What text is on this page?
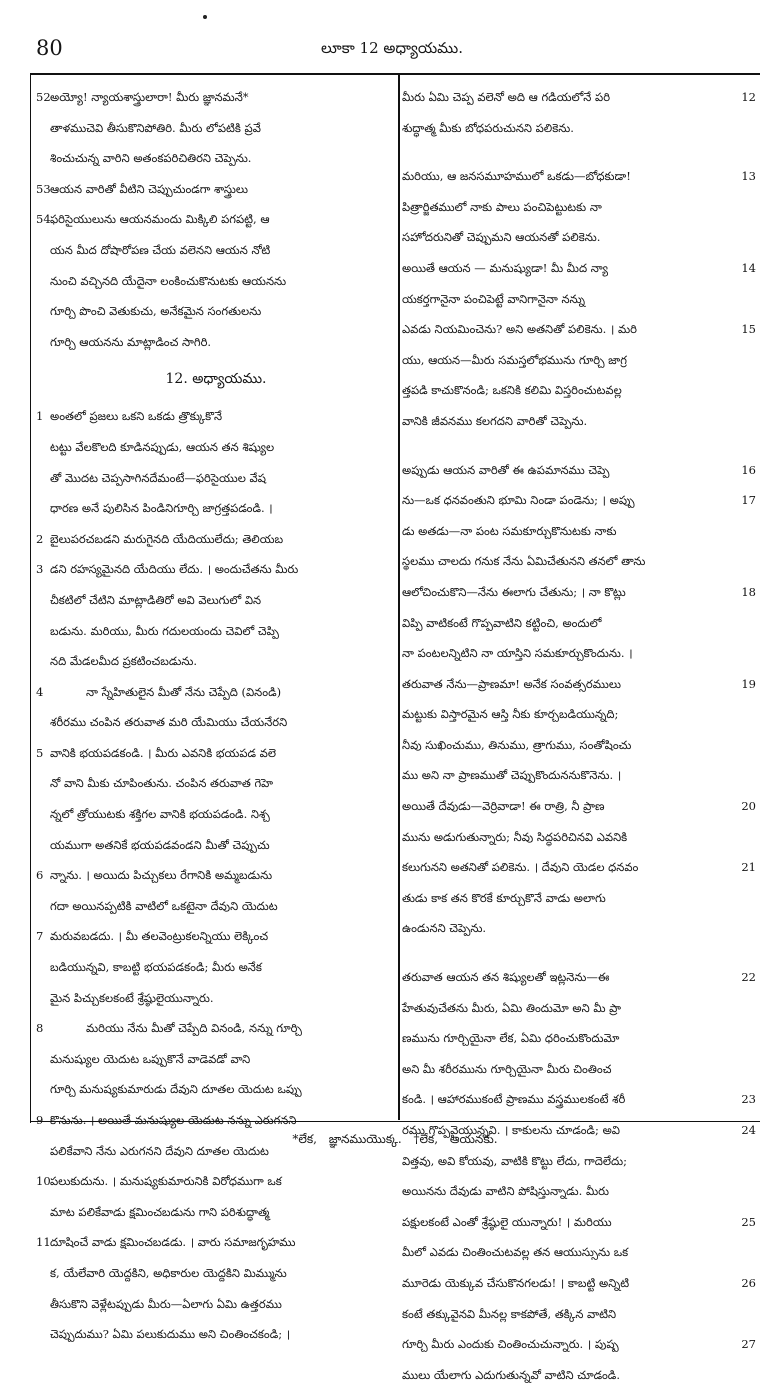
80	లూకా 12 అధ్యాయము.
52 అయ్యో! న్యాయశాస్త్రులారా! మీరు జ్ఞానమనే*
తాళముచెవి తీసుకొనిపోతిరి. మీరు లోపటికి ప్రవే
శించుచున్న వారిని అతంకపరిచితిరని చెప్పెను.
53 ఆయన వారితో వీటిని చెప్పుచుండగా శాస్త్రులు
54 ఫరిసైయులును ఆయనమందు మిక్కిలి పగపట్టి, ఆ
యన మీద దోషారోపణ చేయ వలెనని ఆయన నోటి
నుంచి వచ్చినది యేదైనా లంకించుకొనుటకు ఆయనను
గూర్చి పొంచి వెతుకుచు, అనేకమైన సంగతులను
గూర్చి ఆయనను మాట్లాడించ సాగిరి.
12. అధ్యాయము.
1 అంతలో ప్రజలు ఒకని ఒకడు త్రొక్కుకొనే
టట్టు వేలకొలది కూడినప్పుడు, ఆయన తన శిష్యుల
తో మొదట చెప్పసాగినదేమంటే—ఫరిసైయుల వేష
ధారణ అనే పులిసిన పిండినిగూర్చి జాగ్రత్తపడండి. ।
2 బైలుపరచబడని మరుగైనది యేదియులేదు; తెలియబ
3 డని రహస్యమైనది యేదియు లేదు. । అందుచేతను మీరు
చీకటిలో చేటిని మాట్లాడితిరో అవి వెలుగులో విన
బడును. మరియు, మీరు గదులయందు చెవిలో చెప్పి
నది మేడలమీద ప్రకటించబడును.
4	నా స్నేహితులైన మీతో నేను చెప్పేది (వినండి)
శరీరము చంపిన తరువాత మరి యేమియు చేయనేరని
5 వానికి భయపడకండి. । మీరు ఎవనికి భయపడ వలె
నో వాని మీకు చూపింతును. చంపిన తరువాత గెహె
న్నలో త్రోయుటకు శక్తిగల వానికి భయపడండి. నిశ్చ
యముగా అతనికే భయపడవండని మీతో చెప్పుచు
6 న్నాను. । అయిదు పిచ్చుకలు రేగానికి అమ్మబడును
గదా అయినప్పటికి వాటిలో ఒకటైనా దేవుని యెదుట
7 మరువబడదు. । మీ తలవెంట్రుకలన్నియు లెక్కించ
బడియున్నవి, కాబట్టి భయపడకండి; మీరు అనేక
మైన పిచ్చుకలకంటే శ్రేష్ఠులైయున్నారు.
8	మరియు నేను మీతో చెప్పేది వినండి, నన్ను గూర్చి
మనుష్యుల యెదుట ఒప్పుకొనే వాడెవడో వాని
గూర్చి మనుష్యకుమారుడు దేవుని దూతల యెదుట ఒప్పు
9 కొనును. । అయితే మనుష్యుల యెదుట నన్ను ఎరుగనని
పలికేవాని నేను ఎరుగనని దేవుని దూతల యెదుట
10 పలుకుదును. । మనుష్యకుమారునికి విరోధముగా ఒక
మాట పలికేవాడు క్షమించబడును గాని పరిశుద్ధాత్మ
11 దూషించే వాడు క్షమించబడడు. । వారు సమాజగృహము
క, యేలేవారి యెద్దకిని, అధికారుల యెద్దకిని మిమ్మును
తీసుకొని వెళ్లేటప్పుడు మీరు—ఏలాగు ఏమి ఉత్తరము
చెప్పుదుము? ఏమి పలుకుదుము అని చింతించకండి; ।
12
మీరు ఏమి చెప్ప వలెనో అది ఆ గడియలోనే పరి
శుద్ధాత్మ మీకు బోధపరుచునని పలికెను.
13
మరియు, ఆ జనసమూహములో ఒకడు—బోధకుడా!
పిత్రార్జితములో నాకు పాలు పంచిపెట్టుటకు నా
సహోదరునితో చెప్పుమని ఆయనతో పలికెను.
14
అయితే ఆయన — మనుష్యుడా! మీ మీద న్యా
యకర్తగానైనా పంచిపెట్టే వానిగానైనా నన్ను
15
ఎవడు నియమించెను? అని అతనితో పలికెను. । మరి
యు, ఆయన—మీరు సమస్తలోభమును గూర్చి జాగ్ర
త్తపడి కాచుకొనండి; ఒకనికి కలిమి విస్తరించుటవల్ల
వానికి జీవనము కలగదని వారితో చెప్పెను.
16
అప్పుడు ఆయన వారితో ఈ ఉపమానము చెప్పె
17
ను—ఒక ధనవంతుని భూమి నిండా పండెను; । అప్పు
డు అతడు—నా పంట సమకూర్చుకొనుటకు నాకు
స్థలము చాలదు గనుక నేను ఏమిచేతునని తనలో తాను
18
ఆలోచించుకొని—నేను ఈలాగు చేతును; । నా కొట్లు
విప్పి వాటికంటే గొప్పవాటిని కట్టించి, అందులో
నా పంటలన్నిటిని నా యాస్తిని సమకూర్చుకొందును. ।
19
తరువాత నేను—ప్రాణమా! అనేక సంవత్సరములు
మట్టుకు విస్తారమైన ఆస్తి నీకు కూర్చబడియున్నది;
నీవు సుఖించుము, తినుము, త్రాగుము, సంతోషించు
ము అని నా ప్రాణముతో చెప్పుకొందుననుకొనెను. ।
20
అయితే దేవుడు—వెర్రివాడా! ఈ రాత్రి, నీ ప్రాణ
మును అడుగుతున్నారు; నీవు సిద్ధపరిచినవి ఎవనికి
21
కలుగునని అతనితో పలికెను. । దేవుని యెడల ధనవం
తుడు కాక తన కొరకే కూర్చుకొనే వాడు అలాగు
ఉండునని చెప్పెను.
22
తరువాత ఆయన తన శిష్యులతో ఇట్లనెను—ఈ
హేతువుచేతను మీరు, ఏమి తిందుమో అని మీ ప్రా
ణమును గూర్చియైనా లేక, ఏమి ధరించుకొందుమో
అని మీ శరీరమును గూర్చియైనా మీరు చింతించ
23
కండి. । ఆహారముకంటే ప్రాణము వస్త్రములకంటే శరీ
24
రము గొప్పవైయున్నవి. । కాకులను చూడండి; అవి
విత్తవు, అవి కోయవు, వాటికి కొట్టు లేదు, గాదెలేదు;
అయినను దేవుడు వాటిని పోషిస్తున్నాడు. మీరు
25
పక్షులకంటే ఎంతో శ్రేష్ఠులై యున్నారు! । మరియు
మీలో ఎవడు చింతించుటవల్ల తన ఆయుస్సును ఒక
26
మూరెడు యెక్కువ చేసుకొనగలడు! । కాబట్టి అన్నిటి
కంటే తక్కువైనవి మీనల్ల కాకపోతే, తక్కిన వాటిని
27
గూర్చి మీరు ఎందుకు చింతించుచున్నారు. । పుష్ప
ములు యేలాగు ఎదుగుతున్నవో వాటిని చూడండి.
*లేక, జ్ఞానముయొక్క. †లేక, ఆయనకు.
